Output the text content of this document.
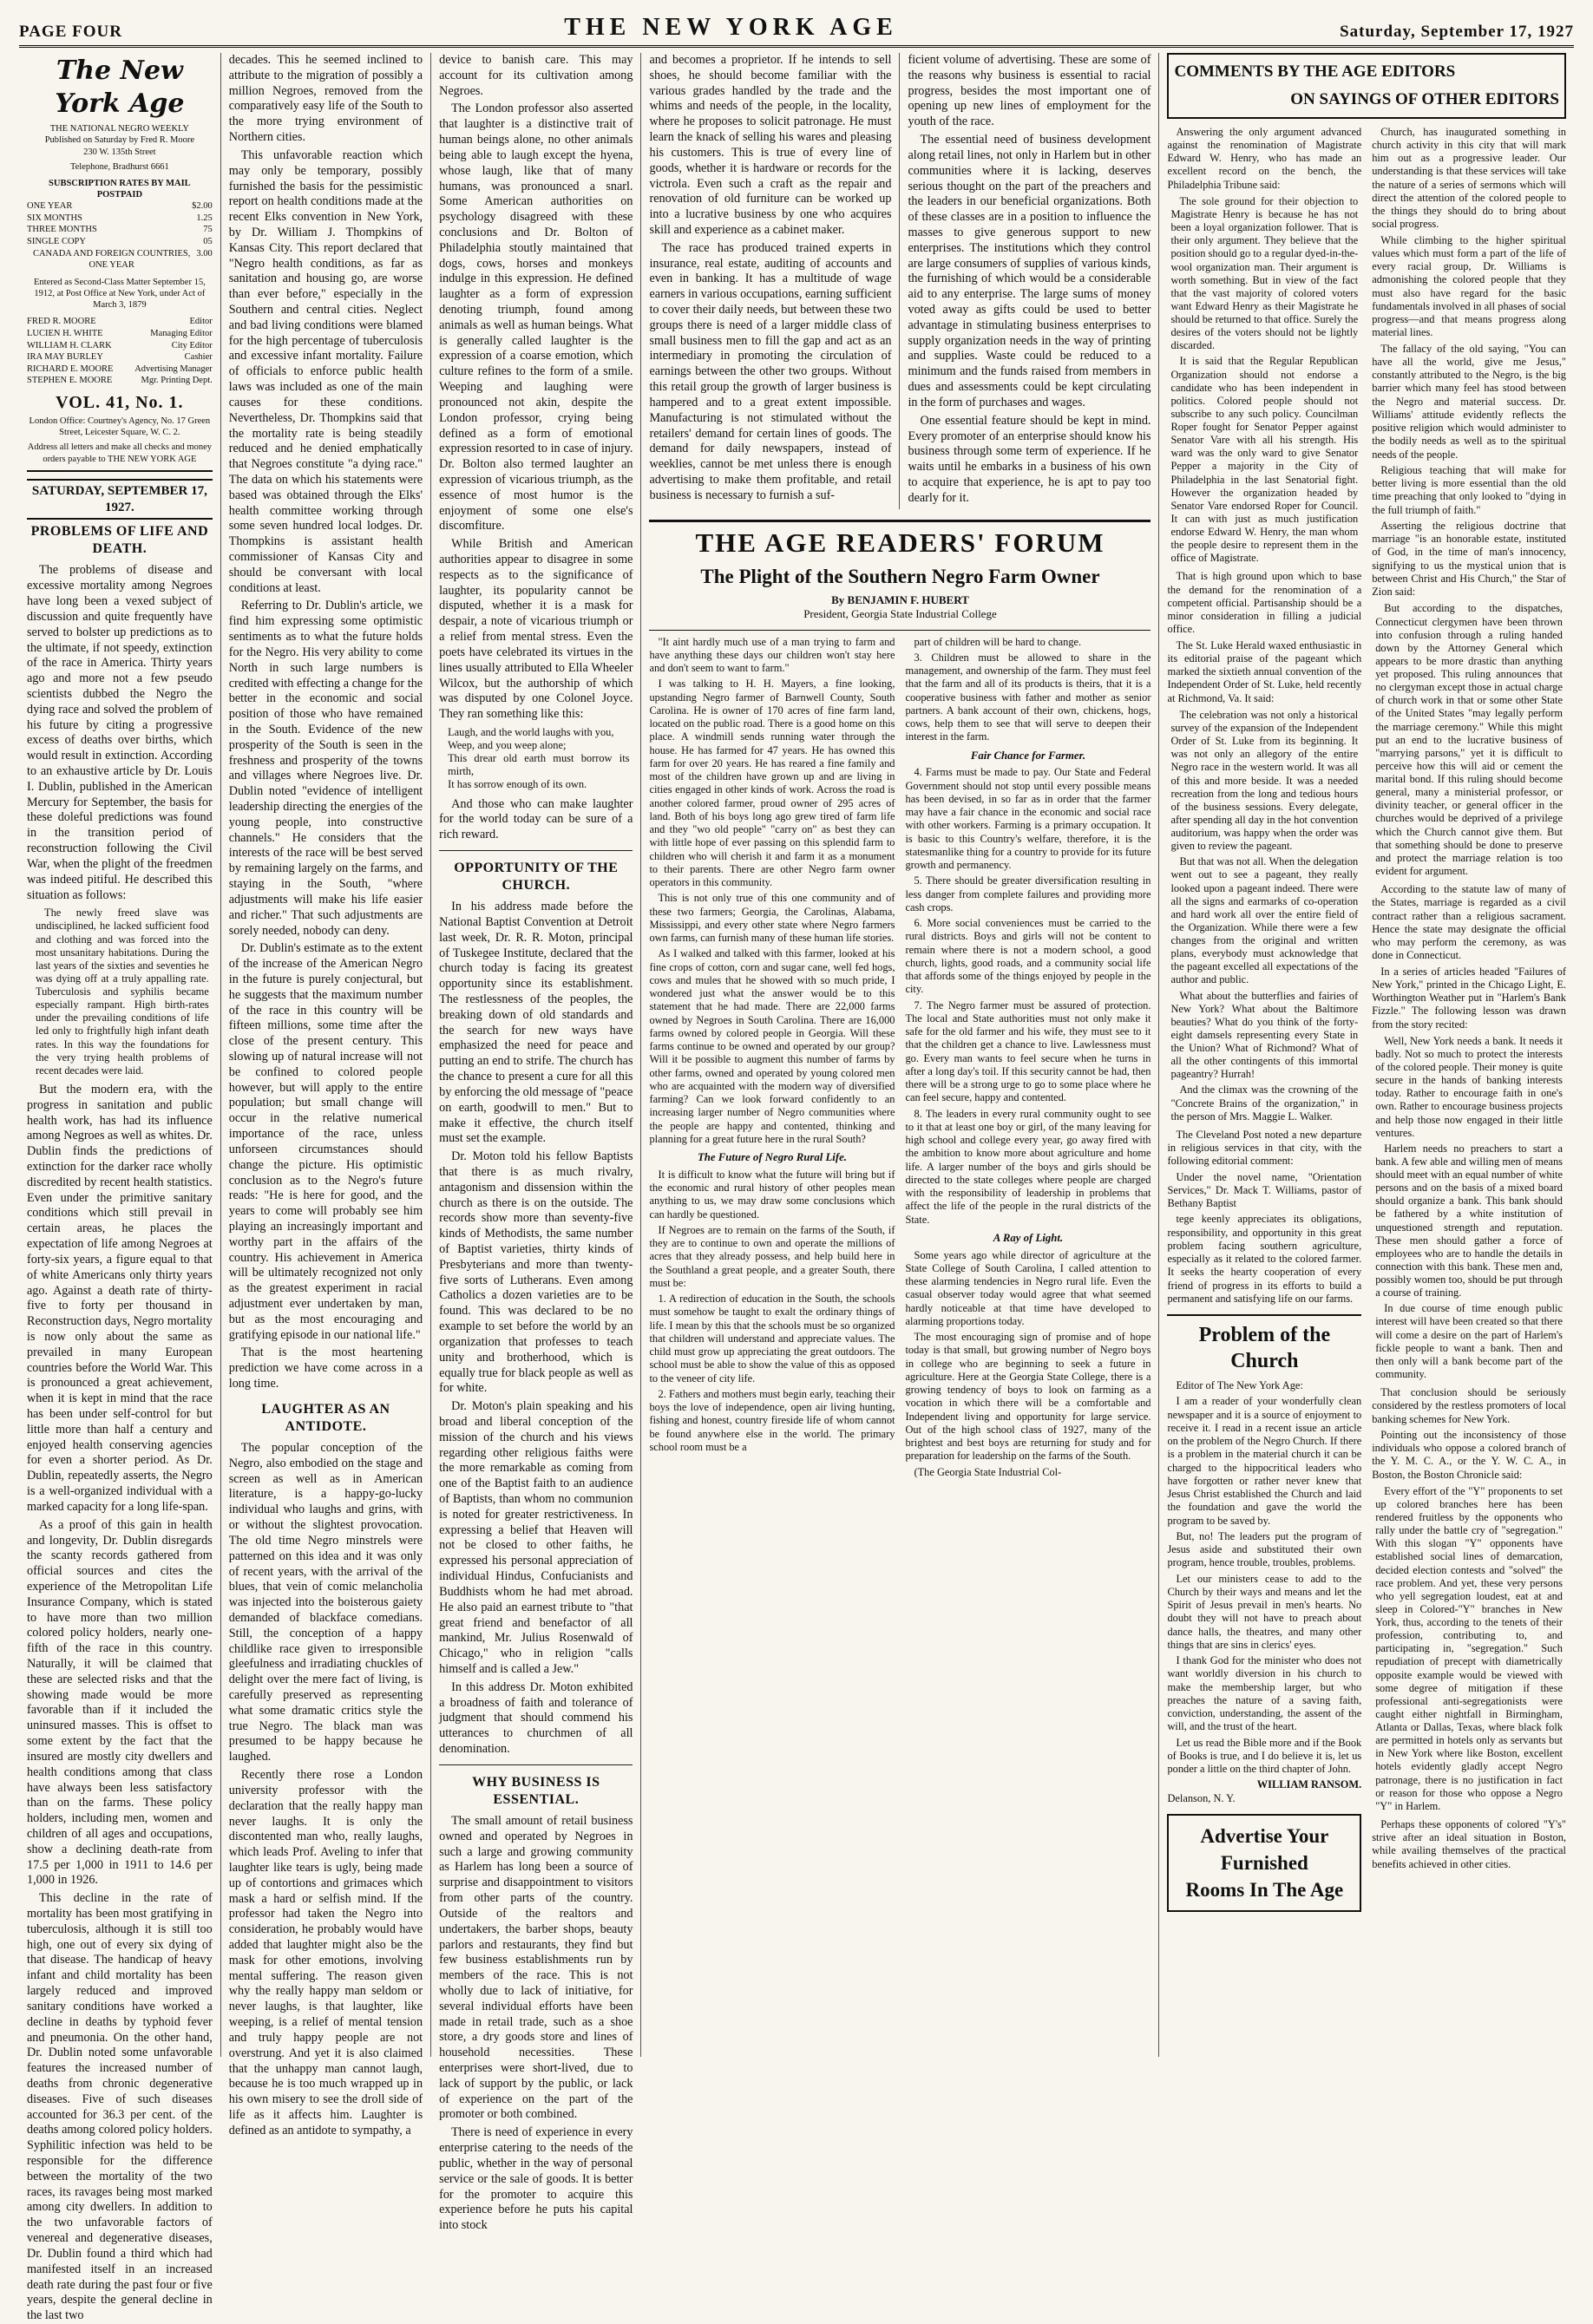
PAGE FOUR	THE NEW YORK AGE	Saturday, September 17, 1927
The New York Age
THE NATIONAL NEGRO WEEKLY
Published on Saturday by Fred R. Moore
230 W. 135th Street
Telephone, Bradhurst 6661
SUBSCRIPTION RATES BY MAIL POSTPAID
ONE YEAR	$2.00
SIX MONTHS	1.25
THREE MONTHS	75
SINGLE COPY	05
CANADA AND FOREIGN COUNTRIES, ONE YEAR
3.00
Entered as Second-Class Matter September 15, 1912, at Post Office at New York, under Act of March 3, 1879
FRED R. MOORE	Editor
LUCIEN H. WHITE	Managing Editor
WILLIAM H. CLARK	City Editor
IRA MAY BURLEY	Cashier
RICHARD E. MOORE Advertising Manager
STEPHEN E. MOORE	Mgr. Printing Dept.
VOL. 41, No. 1.
London Office: Courtney's Agency, No. 17 Green Street, Leicester Square, W. C. 2.
Address all letters and make all checks and money orders payable to THE NEW YORK AGE
SATURDAY, SEPTEMBER 17, 1927.
PROBLEMS OF LIFE AND DEATH.

The problems of disease and excessive mortality among Negroes have long been a vexed subject of discussion and quite frequently have served to bolster up predictions as to the ultimate, if not speedy, extinction of the race in America. Thirty years ago and more not a few pseudo scientists dubbed the Negro the dying race and solved the problem of his future by citing a progressive excess of deaths over births, which would result in extinction. According to an exhaustive article by Dr. Louis I. Dublin, published in the American Mercury for September, the basis for these doleful predictions was found in the transition period of reconstruction following the Civil War, when the plight of the freedmen was indeed pitiful. He described this situation as follows:

The newly freed slave was undisciplined, he lacked sufficient food and clothing and was forced into the most unsanitary habitations. During the last years of the sixties and seventies he was dying off at a truly appalling rate. Tuberculosis and syphilis became especially rampant. High birth-rates under the prevailing conditions of life led only to frightfully high infant death rates. In this way the foundations for the very trying health problems of recent decades were laid.

But the modern era, with the progress in sanitation and public health work, has had its influence among Negroes as well as whites. Dr. Dublin finds the predictions of extinction for the darker race wholly discredited by recent health statistics. Even under the primitive sanitary conditions which still prevail in certain areas, he places the expectation of life among Negroes at forty-six years, a figure equal to that of white Americans only thirty years ago. Against a death rate of thirty-five to forty per thousand in Reconstruction days, Negro mortality is now only about the same as prevailed in many European countries before the World War. This is pronounced a great achievement, when it is kept in mind that the race has been under self-control for but little more than half a century and enjoyed health conserving agencies for even a shorter period. As Dr. Dublin, repeatedly asserts, the Negro is a well-organized individual with a marked capacity for a long life-span.

As a proof of this gain in health and longevity, Dr. Dublin disregards the scanty records gathered from official sources and cites the experience of the Metropolitan Life Insurance Company, which is stated to have more than two million colored policy holders, nearly one-fifth of the race in this country. Naturally, it will be claimed that these are selected risks and that the showing made would be more favorable than if it included the uninsured masses. This is offset to some extent by the fact that the insured are mostly city dwellers and health conditions among that class have always been less satisfactory than on the farms. These policy holders, including men, women and children of all ages and occupations, show a declining death-rate from 17.5 per 1,000 in 1911 to 14.6 per 1,000 in 1926.

This decline in the rate of mortality has been most gratifying in tuberculosis, although it is still too high, one out of every six dying of that disease. The handicap of heavy infant and child mortality has been largely reduced and improved sanitary conditions have worked a decline in deaths by typhoid fever and pneumonia. On the other hand, Dr. Dublin noted some unfavorable features the increased number of deaths from chronic degenerative diseases. Five of such diseases accounted for 36.3 per cent. of the deaths among colored policy holders. Syphilitic infection was held to be responsible for the difference between the mortality of the two races, its ravages being most marked among city dwellers. In addition to the two unfavorable factors of venereal and degenerative diseases, Dr. Dublin found a third which had manifested itself in an increased death rate during the past four or five years, despite the general decline in the last two

decades. This he seemed inclined to attribute to the migration of possibly a million Negroes, removed from the comparatively easy life of the South to the more trying environment of Northern cities.

This unfavorable reaction which may only be temporary, possibly furnished the basis for the pessimistic report on health conditions made at the recent Elks convention in New York, by Dr. William J. Thompkins of Kansas City. This report declared that "Negro health conditions, as far as sanitation and housing go, are worse than ever before," especially in the Southern and central cities. Neglect and bad living conditions were blamed for the high percentage of tuberculosis and excessive infant mortality. Failure of officials to enforce public health laws was included as one of the main causes for these conditions. Nevertheless, Dr. Thompkins said that the mortality rate is being steadily reduced and he denied emphatically that Negroes constitute "a dying race." The data on which his statements were based was obtained through the Elks' health committee working through some seven hundred local lodges. Dr. Thompkins is assistant health commissioner of Kansas City and should be conversant with local conditions at least.

Referring to Dr. Dublin's article, we find him expressing some optimistic sentiments as to what the future holds for the Negro. His very ability to come North in such large numbers is credited with effecting a change for the better in the economic and social position of those who have remained in the South. Evidence of the new prosperity of the South is seen in the freshness and prosperity of the towns and villages where Negroes live. Dr. Dublin noted "evidence of intelligent leadership directing the energies of the young people, into constructive channels." He considers that the interests of the race will be best served by remaining largely on the farms, and staying in the South, "where adjustments will make his life easier and richer." That such adjustments are sorely needed, nobody can deny.

Dr. Dublin's estimate as to the extent of the increase of the American Negro in the future is purely conjectural, but he suggests that the maximum number of the race in this country will be fifteen millions, some time after the close of the present century. This slowing up of natural increase will not be confined to colored people however, but will apply to the entire population; but small change will occur in the relative numerical importance of the race, unless unforseen circumstances should change the picture. His optimistic conclusion as to the Negro's future reads: "He is here for good, and the years to come will probably see him playing an increasingly important and worthy part in the affairs of the country. His achievement in America will be ultimately recognized not only as the greatest experiment in racial adjustment ever undertaken by man, but as the most encouraging and gratifying episode in our national life."

That is the most heartening prediction we have come across in a long time.

LAUGHTER AS AN ANTIDOTE.

The popular conception of the Negro, also embodied on the stage and screen as well as in American literature, is a happy-go-lucky individual who laughs and grins, with or without the slightest provocation. The old time Negro minstrels were patterned on this idea and it was only of recent years, with the arrival of the blues, that vein of comic melancholia was injected into the boisterous gaiety demanded of blackface comedians. Still, the conception of a happy childlike race given to irresponsible gleefulness and irradiating chuckles of delight over the mere fact of living, is carefully preserved as representing what some dramatic critics style the true Negro. The black man was presumed to be happy because he laughed.

Recently there rose a London university professor with the declaration that the really happy man never laughs. It is only the discontented man who, really laughs, which leads Prof. Aveling to infer that laughter like tears is ugly, being made up of contortions and grimaces which mask a hard or selfish mind. If the professor had taken the Negro into consideration, he probably would have added that laughter might also be the mask for other emotions, involving mental suffering. The reason given why the really happy man seldom or never laughs, is that laughter, like weeping, is a relief of mental tension and truly happy people are not overstrung. And yet it is also claimed that the unhappy man cannot laugh, because he is too much wrapped up in his own misery to see the droll side of life as it affects him. Laughter is defined as an antidote to sympathy, a

device to banish care. This may account for its cultivation among Negroes.

The London professor also asserted that laughter is a distinctive trait of human beings alone, no other animals being able to laugh except the hyena, whose laugh, like that of many humans, was pronounced a snarl. Some American authorities on psychology disagreed with these conclusions and Dr. Bolton of Philadelphia stoutly maintained that dogs, cows, horses and monkeys indulge in this expression. He defined laughter as a form of expression denoting triumph, found among animals as well as human beings. What is generally called laughter is the expression of a coarse emotion, which culture refines to the form of a smile. Weeping and laughing were pronounced not akin, despite the London professor, crying being defined as a form of emotional expression resorted to in case of injury. Dr. Bolton also termed laughter an expression of vicarious triumph, as the essence of most humor is the enjoyment of some one else's discomfiture.

While British and American authorities appear to disagree in some respects as to the significance of laughter, its popularity cannot be disputed, whether it is a mask for despair, a note of vicarious triumph or a relief from mental stress. Even the poets have celebrated its virtues in the lines usually attributed to Ella Wheeler Wilcox, but the authorship of which was disputed by one Colonel Joyce. They ran something like this:

Laugh, and the world laughs with you,
Weep, and you weep alone;
This drear old earth must borrow its mirth,
It has sorrow enough of its own.

And those who can make laughter for the world today can be sure of a rich reward.

OPPORTUNITY OF THE CHURCH.

In his address made before the National Baptist Convention at Detroit last week, Dr. R. R. Moton, principal of Tuskegee Institute, declared that the church today is facing its greatest opportunity since its establishment. The restlessness of the peoples, the breaking down of old standards and the search for new ways have emphasized the need for peace and putting an end to strife. The church has the chance to present a cure for all this by enforcing the old message of "peace on earth, goodwill to men." But to make it effective, the church itself must set the example.

Dr. Moton told his fellow Baptists that there is as much rivalry, antagonism and dissension within the church as there is on the outside. The records show more than seventy-five kinds of Methodists, the same number of Baptist varieties, thirty kinds of Presbyterians and more than twenty-five sorts of Lutherans. Even among Catholics a dozen varieties are to be found. This was declared to be no example to set before the world by an organization that professes to teach unity and brotherhood, which is equally true for black people as well as for white.

Dr. Moton's plain speaking and his broad and liberal conception of the mission of the church and his views regarding other religious faiths were the more remarkable as coming from one of the Baptist faith to an audience of Baptists, than whom no communion is noted for greater restrictiveness. In expressing a belief that Heaven will not be closed to other faiths, he expressed his personal appreciation of individual Hindus, Confucianists and Buddhists whom he had met abroad. He also paid an earnest tribute to "that great friend and benefactor of all mankind, Mr. Julius Rosenwald of Chicago," who in religion "calls himself and is called a Jew."

In this address Dr. Moton exhibited a broadness of faith and tolerance of judgment that should commend his utterances to churchmen of all denomination.

WHY BUSINESS IS ESSENTIAL.

The small amount of retail business owned and operated by Negroes in such a large and growing community as Harlem has long been a source of surprise and disappointment to visitors from other parts of the country. Outside of the realtors and undertakers, the barber shops, beauty parlors and restaurants, they find but few business establishments run by members of the race. This is not wholly due to lack of initiative, for several individual efforts have been made in retail trade, such as a shoe store, a dry goods store and lines of household necessities. These enterprises were short-lived, due to lack of support by the public, or lack of experience on the part of the promoter or both combined.

There is need of experience in every enterprise catering to the needs of the public, whether in the way of personal service or the sale of goods. It is better for the promoter to acquire this experience before he puts his capital into stock

and becomes a proprietor. If he intends to sell shoes, he should become familiar with the various grades handled by the trade and the whims and needs of the people, in the locality, where he proposes to solicit patronage. He must learn the knack of selling his wares and pleasing his customers. This is true of every line of goods, whether it is hardware or records for the victrola. Even such a craft as the repair and renovation of old furniture can be worked up into a lucrative business by one who acquires skill and experience as a cabinet maker.

The race has produced trained experts in insurance, real estate, auditing of accounts and even in banking. It has a multitude of wage earners in various occupations, earning sufficient to cover their daily needs, but between these two groups there is need of a larger middle class of small business men to fill the gap and act as an intermediary in promoting the circulation of earnings between the other two groups. Without this retail group the growth of larger business is hampered and to a great extent impossible. Manufacturing is not stimulated without the retailers' demand for certain lines of goods. The demand for daily newspapers, instead of weeklies, cannot be met unless there is enough advertising to make them profitable, and retail business is necessary to furnish a suf-

ficient volume of advertising. These are some of the reasons why business is essential to racial progress, besides the most important one of opening up new lines of employment for the youth of the race.

The essential need of business development along retail lines, not only in Harlem but in other communities where it is lacking, deserves serious thought on the part of the preachers and the leaders in our beneficial organizations. Both of these classes are in a position to influence the masses to give generous support to new enterprises. The institutions which they control are large consumers of supplies of various kinds, the furnishing of which would be a considerable aid to any enterprise. The large sums of money voted away as gifts could be used to better advantage in stimulating business enterprises to supply organization needs in the way of printing and supplies. Waste could be reduced to a minimum and the funds raised from members in dues and assessments could be kept circulating in the form of purchases and wages.

One essential feature should be kept in mind. Every promoter of an enterprise should know his business through some term of experience. If he waits until he embarks in a business of his own to acquire that experience, he is apt to pay too dearly for it.

THE AGE READERS' FORUM
The Plight of the Southern Negro Farm Owner
By BENJAMIN F. HUBERT
President, Georgia State Industrial College

"It aint hardly much use of a man trying to farm and have anything these days our children won't stay here and don't seem to want to farm."

I was talking to H. H. Mayers, a fine looking, upstanding Negro farmer of Barnwell County, South Carolina. He is owner of 170 acres of fine farm land, located on the public road. There is a good home on this place. A windmill sends running water through the house. He has farmed for 47 years. He has owned this farm for over 20 years. He has reared a fine family and most of the children have grown up and are living in cities engaged in other kinds of work. Across the road is another colored farmer, proud owner of 295 acres of land. Both of his boys long ago grew tired of farm life and they "wo old people" "carry on" as best they can with little hope of ever passing on this splendid farm to children who will cherish it and farm it as a monument to their parents. There are other Negro farm owner operators in this community.

This is not only true of this one community and of these two farmers; Georgia, the Carolinas, Alabama, Mississippi, and every other state where Negro farmers own farms, can furnish many of these human life stories.

As I walked and talked with this farmer, looked at his fine crops of cotton, corn and sugar cane, well fed hogs, cows and mules that he showed with so much pride, I wondered just what the answer would be to this statement that he had made. There are 22,000 farms owned by Negroes in South Carolina. There are 16,000 farms owned by colored people in Georgia. Will these farms continue to be owned and operated by our group? Will it be possible to augment this number of farms by other farms, owned and operated by young colored men who are acquainted with the modern way of diversified farming? Can we look forward confidently to an increasing larger number of Negro communities where the people are happy and contented, thinking and planning for a great future here in the rural South?

The Future of Negro Rural Life.

It is difficult to know what the future will bring but if the economic and rural history of other peoples mean anything to us, we may draw some conclusions which can hardly be questioned.

If Negroes are to remain on the farms of the South, if they are to continue to own and operate the millions of acres that they already possess, and help build here in the Southland a great people, and a greater South, there must be:

1. A redirection of education in the South, the schools must somehow be taught to exalt the ordinary things of life. I mean by this that the schools must be so organized that children will understand and appreciate values. The child must grow up appreciating the great outdoors. The school must be able to show the value of this as opposed to the veneer of city life.

2. Fathers and mothers must begin early, teaching their boys the love of independence, open air living hunting, fishing and honest, country fireside life of whom cannot be found anywhere else in the world. The primary school room must be a

part of children will be hard to change.

3. Children must be allowed to share in the management, and ownership of the farm. They must feel that the farm and all of its products is theirs, that it is a cooperative business with father and mother as senior partners. A bank account of their own, chickens, hogs, cows, help them to see that will serve to deepen their interest in the farm.

Fair Chance for Farmer.

4. Farms must be made to pay. Our State and Federal Government should not stop until every possible means has been devised, in so far as in order that the farmer may have a fair chance in the economic and social race with other workers. Farming is a primary occupation. It is basic to this Country's welfare, therefore, it is the statesmanlike thing for a country to provide for its future growth and permanency.

5. There should be greater diversification resulting in less danger from complete failures and providing more cash crops.

6. More social conveniences must be carried to the rural districts. Boys and girls will not be content to remain where there is not a modern school, a good church, lights, good roads, and a community social life that affords some of the things enjoyed by people in the city.

7. The Negro farmer must be assured of protection. The local and State authorities must not only make it safe for the old farmer and his wife, they must see to it that the children get a chance to live. Lawlessness must go. Every man wants to feel secure when he turns in after a long day's toil. If this security cannot be had, then there will be a strong urge to go to some place where he can feel secure, happy and contented.

8. The leaders in every rural community ought to see to it that at least one boy or girl, of the many leaving for high school and college every year, go away fired with the ambition to know more about agriculture and home life. A larger number of the boys and girls should be directed to the state colleges where people are charged with the responsibility of leadership in problems that affect the life of the people in the rural districts of the State.

A Ray of Light.

Some years ago while director of agriculture at the State College of South Carolina, I called attention to these alarming tendencies in Negro rural life. Even the casual observer today would agree that what seemed hardly noticeable at that time have developed to alarming proportions today.

The most encouraging sign of promise and of hope today is that small, but growing number of Negro boys in college who are beginning to seek a future in agriculture. Here at the Georgia State College, there is a growing tendency of boys to look on farming as a vocation in which there will be a comfortable and Independent living and opportunity for large service. Out of the high school class of 1927, many of the brightest and best boys are returning for study and for preparation for leadership on the farms of the South.

(The Georgia State Industrial Col-

COMMENTS BY THE AGE EDITORS
ON SAYINGS OF OTHER EDITORS

Answering the only argument advanced against the renomination of Magistrate Edward W. Henry, who has made an excellent record on the bench, the Philadelphia Tribune said:

The sole ground for their objection to Magistrate Henry is because he has not been a loyal organization follower. That is their only argument. They believe that the position should go to a regular dyed-in-the-wool organization man. Their argument is worth something. But in view of the fact that the vast majority of colored voters want Edward Henry as their Magistrate he should be returned to that office. Surely the desires of the voters should not be lightly discarded.

It is said that the Regular Republican Organization should not endorse a candidate who has been independent in politics. Colored people should not subscribe to any such policy. Councilman Roper fought for Senator Pepper against Senator Vare with all his strength. His ward was the only ward to give Senator Pepper a majority in the City of Philadelphia in the last Senatorial fight. However the organization headed by Senator Vare endorsed Roper for Council. It can with just as much justification endorse Edward W. Henry, the man whom the people desire to represent them in the office of Magistrate.

That is high ground upon which to base the demand for the renomination of a competent official. Partisanship should be a minor consideration in filling a judicial office.

The St. Luke Herald waxed enthusiastic in its editorial praise of the pageant which marked the sixtieth annual convention of the Independent Order of St. Luke, held recently at Richmond, Va. It said:

The celebration was not only a historical survey of the expansion of the Independent Order of St. Luke from its beginning. It was not only an allegory of the entire Negro race in the western world. It was all of this and more beside. It was a needed recreation from the long and tedious hours of the business sessions. Every delegate, after spending all day in the hot convention auditorium, was happy when the order was given to review the pageant.

But that was not all. When the delegation went out to see a pageant, they really looked upon a pageant indeed. There were all the signs and earmarks of co-operation and hard work all over the entire field of the Organization. While there were a few changes from the original and written plans, everybody must acknowledge that the pageant excelled all expectations of the author and public.

What about the butterflies and fairies of New York? What about the Baltimore beauties? What do you think of the forty-eight damsels representing every State in the Union? What of Richmond? What of all the other contingents of this immortal pageantry? Hurrah!

And the climax was the crowning of the "Concrete Brains of the organization," in the person of Mrs. Maggie L. Walker.

The Cleveland Post noted a new departure in religious services in that city, with the following editorial comment:

Under the novel name, "Orientation Services," Dr. Mack T. Williams, pastor of Bethany Baptist

tege keenly appreciates its obligations, responsibility, and opportunity in this great problem facing southern agriculture, especially as it related to the colored farmer. It seeks the hearty cooperation of every friend of progress in its efforts to build a permanent and satisfying life on our farms.

Problem of the Church

Editor of The New York Age:

I am a reader of your wonderfully clean newspaper and it is a source of enjoyment to receive it. I read in a recent issue an article on the problem of the Negro Church. If there is a problem in the material church it can be charged to the hippocritical leaders who have forgotten or rather never knew that Jesus Christ established the Church and laid the foundation and gave the world the program to be saved by.

But, no! The leaders put the program of Jesus aside and substituted their own program, hence trouble, troubles, problems.

Let our ministers cease to add to the Church by their ways and means and let the Spirit of Jesus prevail in men's hearts. No doubt they will not have to preach about dance halls, the theatres, and many other things that are sins in clerics' eyes.

I thank God for the minister who does not want worldly diversion in his church to make the membership larger, but who preaches the nature of a saving faith, conviction, understanding, the assent of the will, and the trust of the heart.

Let us read the Bible more and if the Book of Books is true, and I do believe it is, let us ponder a little on the third chapter of John.

WILLIAM RANSOM.
Delanson, N. Y.
Advertise Your Furnished
Rooms In The Age

Church, has inaugurated something in church activity in this city that will mark him out as a progressive leader. Our understanding is that these services will take the nature of a series of sermons which will direct the attention of the colored people to the things they should do to bring about social progress.

While climbing to the higher spiritual values which must form a part of the life of every racial group, Dr. Williams is admonishing the colored people that they must also have regard for the basic fundamentals involved in all phases of social progress—and that means progress along material lines.

The fallacy of the old saying, "You can have all the world, give me Jesus," constantly attributed to the Negro, is the big barrier which many feel has stood between the Negro and material success. Dr. Williams' attitude evidently reflects the positive religion which would administer to the bodily needs as well as to the spiritual needs of the people.

Religious teaching that will make for better living is more essential than the old time preaching that only looked to "dying in the full triumph of faith."

Asserting the religious doctrine that marriage "is an honorable estate, instituted of God, in the time of man's innocency, signifying to us the mystical union that is between Christ and His Church," the Star of Zion said:

But according to the dispatches, Connecticut clergymen have been thrown into confusion through a ruling handed down by the Attorney General which appears to be more drastic than anything yet proposed. This ruling announces that no clergyman except those in actual charge of church work in that or some other State of the United States "may legally perform the marriage ceremony." While this might put an end to the lucrative business of "marrying parsons," yet it is difficult to perceive how this will aid or cement the marital bond. If this ruling should become general, many a ministerial professor, or divinity teacher, or general officer in the churches would be deprived of a privilege which the Church cannot give them. But that something should be done to preserve and protect the marriage relation is too evident for argument.

According to the statute law of many of the States, marriage is regarded as a civil contract rather than a religious sacrament. Hence the state may designate the official who may perform the ceremony, as was done in Connecticut.

In a series of articles headed "Failures of New York," printed in the Chicago Light, E. Worthington Weather put in "Harlem's Bank Fizzle." The following lesson was drawn from the story recited:

Well, New York needs a bank. It needs it badly. Not so much to protect the interests of the colored people. Their money is quite secure in the hands of banking interests today. Rather to encourage faith in one's own. Rather to encourage business projects and help those now engaged in their little ventures.

Harlem needs no preachers to start a bank. A few able and willing men of means should meet with an equal number of white persons and on the basis of a mixed board should organize a bank. This bank should be fathered by a white institution of unquestioned strength and reputation. These men should gather a force of employees who are to handle the details in connection with this bank. These men and, possibly women too, should be put through a course of training.

In due course of time enough public interest will have been created so that there will come a desire on the part of Harlem's fickle people to want a bank. Then and then only will a bank become part of the community.

That conclusion should be seriously considered by the restless promoters of local banking schemes for New York.

Pointing out the inconsistency of those individuals who oppose a colored branch of the Y. M. C. A., or the Y. W. C. A., in Boston, the Boston Chronicle said:

Every effort of the "Y" proponents to set up colored branches here has been rendered fruitless by the opponents who rally under the battle cry of "segregation." With this slogan "Y" opponents have established social lines of demarcation, decided election contests and "solved" the race problem. And yet, these very persons who yell segregation loudest, eat at and sleep in Colored-"Y" branches in New York, thus, according to the tenets of their profession, contributing to, and participating in, "segregation." Such repudiation of precept with diametrically opposite example would be viewed with some degree of mitigation if these professional anti-segregationists were caught either nightfall in Birmingham, Atlanta or Dallas, Texas, where black folk are permitted in hotels only as servants but in New York where like Boston, excellent hotels evidently gladly accept Negro patronage, there is no justification in fact or reason for those who oppose a Negro "Y" in Harlem.

Perhaps these opponents of colored "Y's" strive after an ideal situation in Boston, while availing themselves of the practical benefits achieved in other cities.
